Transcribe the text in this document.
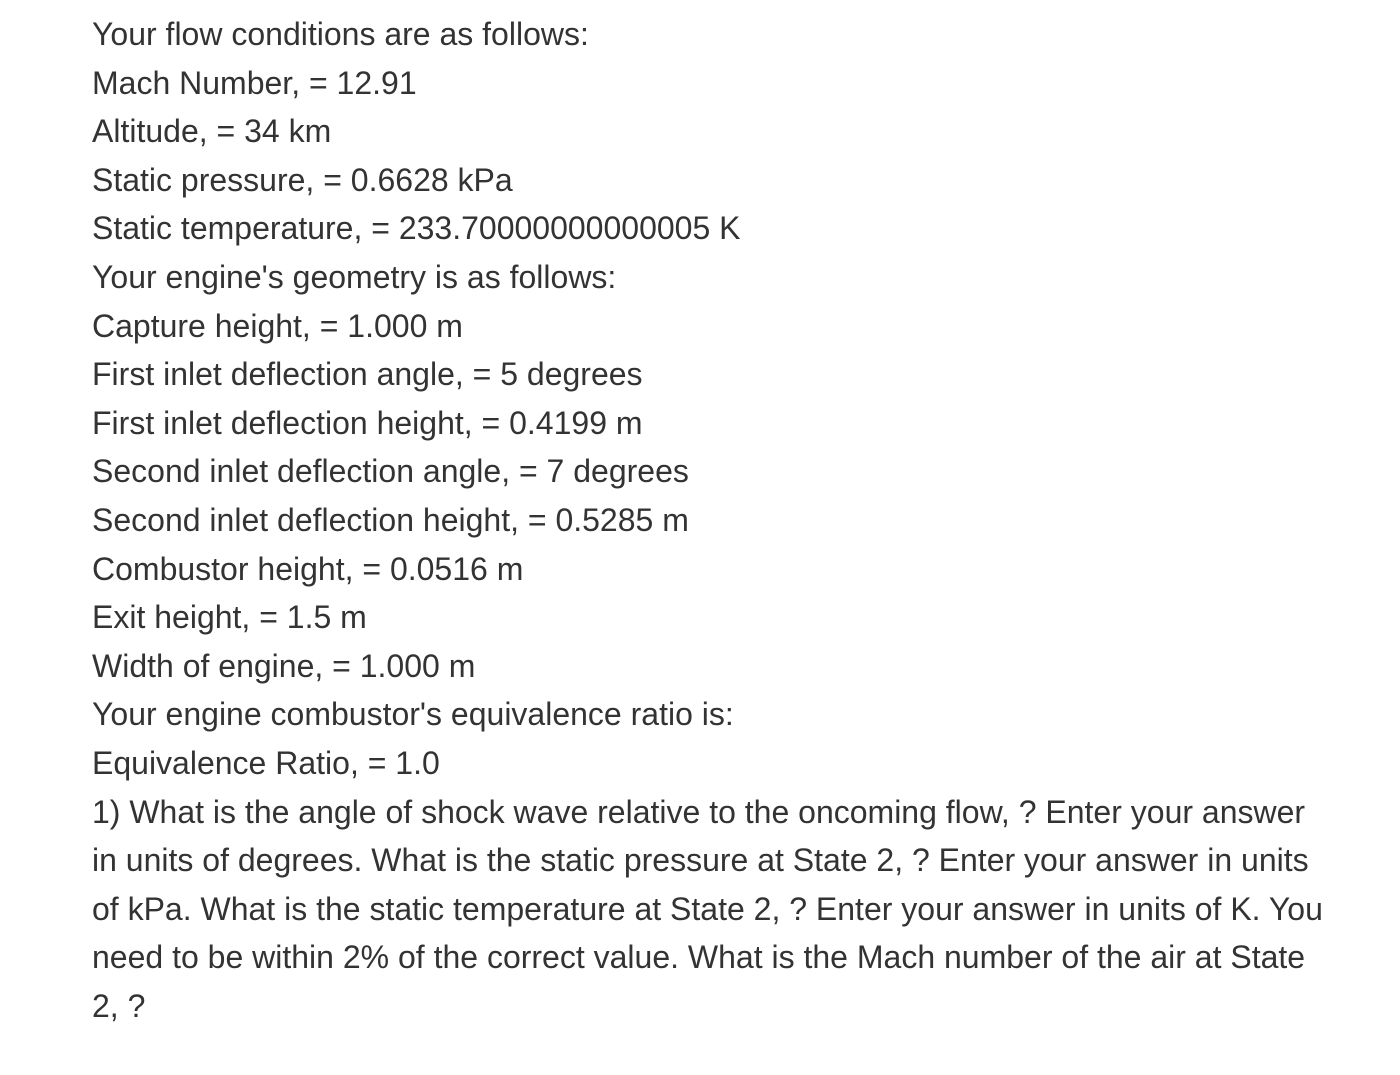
Your flow conditions are as follows:

Mach Number, = 12.91

Altitude, = 34 km

Static pressure, = 0.6628 kPa

Static temperature, = 233.70000000000005 K

Your engine's geometry is as follows:

Capture height, = 1.000 m

First inlet deflection angle, = 5 degrees

First inlet deflection height, = 0.4199 m

Second inlet deflection angle, = 7 degrees

Second inlet deflection height, = 0.5285 m

Combustor height, = 0.0516 m

Exit height, = 1.5 m

Width of engine, = 1.000 m

Your engine combustor's equivalence ratio is:

Equivalence Ratio, = 1.0

1) What is the angle of shock wave relative to the oncoming flow, ? Enter your answer in units of degrees. What is the static pressure at State 2, ? Enter your answer in units of kPa. What is the static temperature at State 2, ? Enter your answer in units of K. You need to be within 2% of the correct value. What is the Mach number of the air at State 2, ?
